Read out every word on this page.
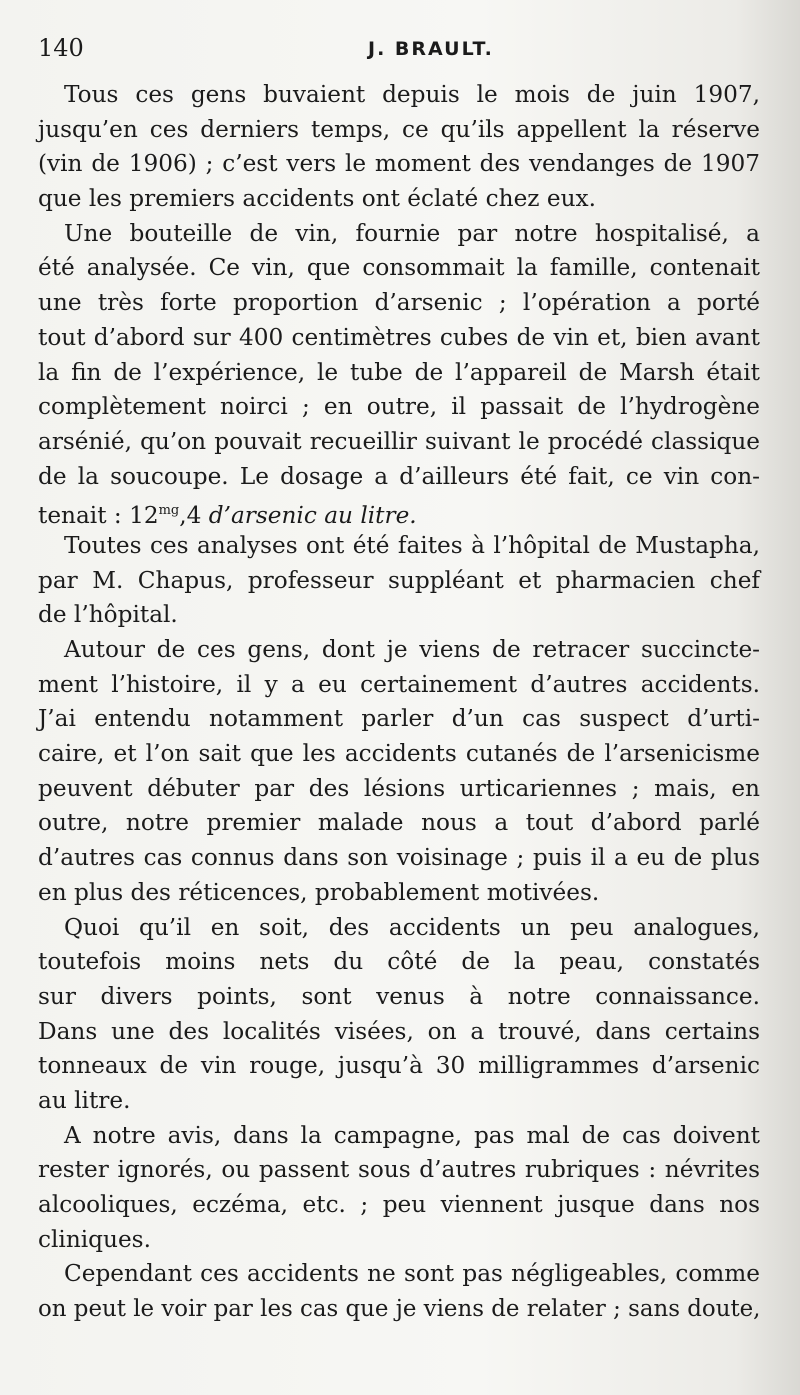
140	J. BRAULT.
Tous ces gens buvaient depuis le mois de juin 1907,
jusqu’en ces derniers temps, ce qu’ils appellent la réserve
(vin de 1906) ; c’est vers le moment des vendanges de 1907
que les premiers accidents ont éclaté chez eux.
Une bouteille de vin, fournie par notre hospitalisé, a
été analysée. Ce vin, que consommait la famille, contenait
une très forte proportion d’arsenic ; l’opération a porté
tout d’abord sur 400 centimètres cubes de vin et, bien avant
la fin de l’expérience, le tube de l’appareil de Marsh était
complètement noirci ; en outre, il passait de l’hydrogène
arsénié, qu’on pouvait recueillir suivant le procédé classique
de la soucoupe. Le dosage a d’ailleurs été fait, ce vin con-
tenait : $12^{mg},4$ d’arsenic au litre.
Toutes ces analyses ont été faites à l’hôpital de Mustapha,
par M. Chapus, professeur suppléant et pharmacien chef
de l’hôpital.
Autour de ces gens, dont je viens de retracer succincte-
ment l’histoire, il y a eu certainement d’autres accidents.
J’ai entendu notamment parler d’un cas suspect d’urti-
caire, et l’on sait que les accidents cutanés de l’arsenicisme
peuvent débuter par des lésions urticariennes ; mais, en
outre, notre premier malade nous a tout d’abord parlé
d’autres cas connus dans son voisinage ; puis il a eu de plus
en plus des réticences, probablement motivées.
Quoi qu’il en soit, des accidents un peu analogues,
toutefois moins nets du côté de la peau, constatés
sur divers points, sont venus à notre connaissance.
Dans une des localités visées, on a trouvé, dans certains
tonneaux de vin rouge, jusqu’à 30 milligrammes d’arsenic
au litre.
A notre avis, dans la campagne, pas mal de cas doivent
rester ignorés, ou passent sous d’autres rubriques : névrites
alcooliques, eczéma, etc. ; peu viennent jusque dans nos
cliniques.
Cependant ces accidents ne sont pas négligeables, comme
on peut le voir par les cas que je viens de relater ; sans doute,
